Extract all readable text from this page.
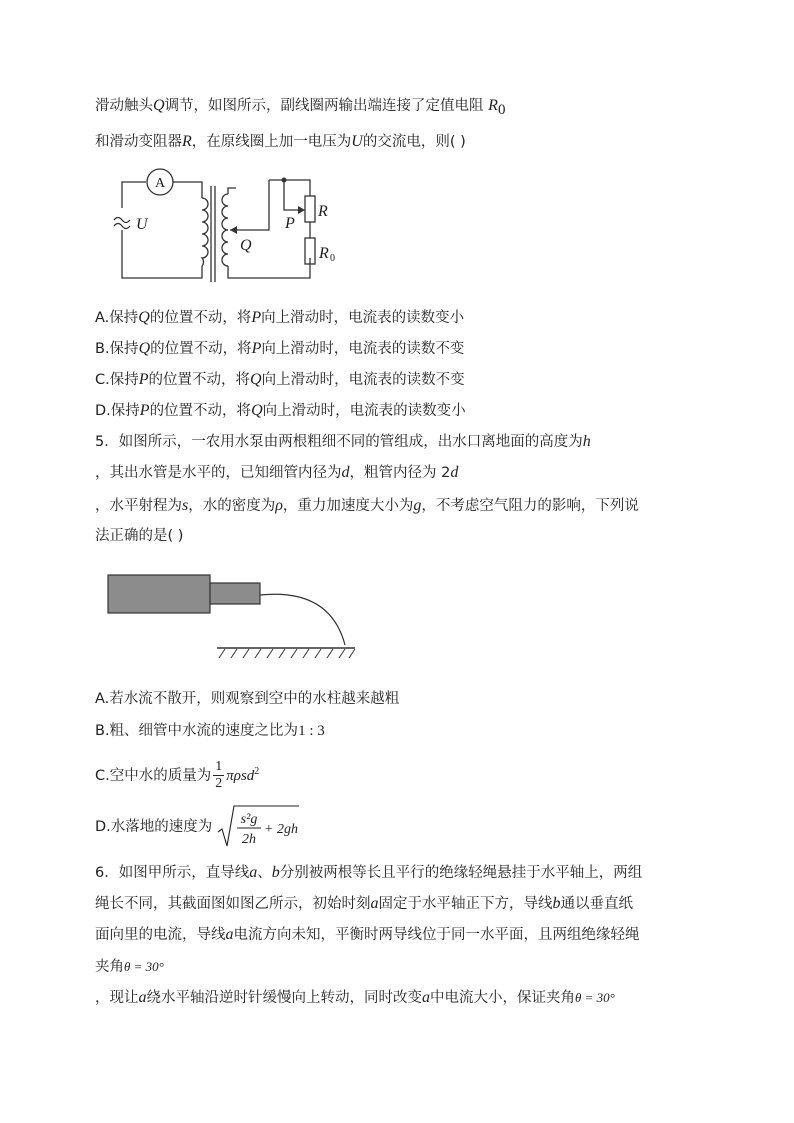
滑动触头Q调节，如图所示，副线圈两输出端连接了定值电阻 $R_0$
和滑动变阻器R，在原线圈上加一电压为U的交流电，则( )
A
U
Q
P
R
R 0
A.保持Q的位置不动，将P向上滑动时，电流表的读数变小
B.保持Q的位置不动，将P向上滑动时，电流表的读数不变
C.保持P的位置不动，将Q向上滑动时，电流表的读数不变
D.保持P的位置不动，将Q向上滑动时，电流表的读数变小
5．如图所示，一农用水泵由两根粗细不同的管组成，出水口离地面的高度为h
，其出水管是水平的，已知细管内径为d，粗管内径为 2d
，水平射程为s，水的密度为ρ，重力加速度大小为g，不考虑空气阻力的影响，下列说
法正确的是( )
A.若水流不散开，则观察到空中的水柱越来越粗
B.粗、细管中水流的速度之比为1 : 3
C.空中水的质量为 $\frac{1}{2} \pi\rho sd^2$
D.水落地的速度为 s²g
2h
+ 2gh
6．如图甲所示，直导线a、b分别被两根等长且平行的绝缘轻绳悬挂于水平轴上，两组
绳长不同，其截面图如图乙所示，初始时刻a固定于水平轴正下方，导线b通以垂直纸
面向里的电流，导线a电流方向未知，平衡时两导线位于同一水平面，且两组绝缘轻绳
夹角θ = 30°
，现让a绕水平轴沿逆时针缓慢向上转动，同时改变a中电流大小，保证夹角θ = 30°
